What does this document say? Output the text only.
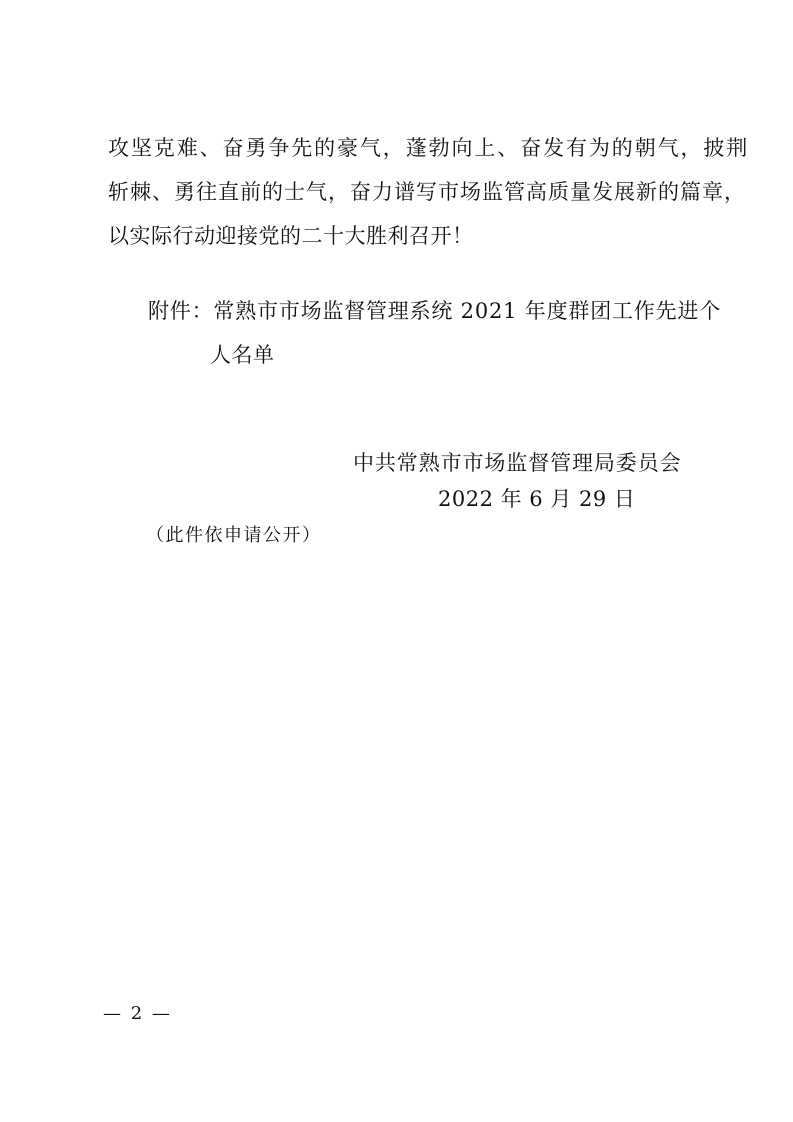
攻坚克难、奋勇争先的豪气，蓬勃向上、奋发有为的朝气，披荆
斩棘、勇往直前的士气，奋力谱写市场监管高质量发展新的篇章，
以实际行动迎接党的二十大胜利召开！
附件：常熟市市场监督管理系统 2021 年度群团工作先进个
人名单
中共常熟市市场监督管理局委员会
2022 年 6 月 29 日
（此件依申请公开）
— 2 —
